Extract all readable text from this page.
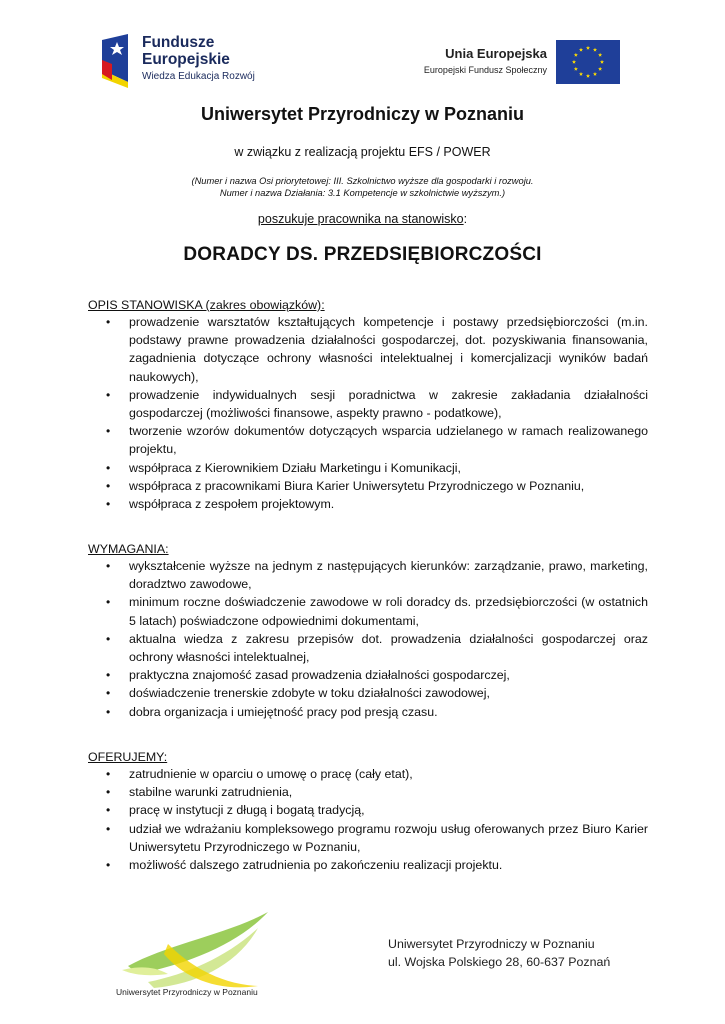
Fundusze
Europejskie
Wiedza Edukacja Rozwój
Unia Europejska
Europejski Fundusz Społeczny
Uniwersytet Przyrodniczy w Poznaniu
w związku z realizacją projektu EFS / POWER
(Numer i nazwa Osi priorytetowej: III. Szkolnictwo wyższe dla gospodarki i rozwoju.
Numer i nazwa Działania: 3.1 Kompetencje w szkolnictwie wyższym.)
poszukuje pracownika na stanowisko:
DORADCY DS. PRZEDSIĘBIORCZOŚCI
OPIS STANOWISKA (zakres obowiązków):
• prowadzenie warsztatów kształtujących kompetencje i postawy przedsiębiorczości (m.in. podstawy prawne prowadzenia działalności gospodarczej, dot. pozyskiwania finansowania, zagadnienia dotyczące ochrony własności intelektualnej i komercjalizacji wyników badań naukowych),
• prowadzenie indywidualnych sesji poradnictwa w zakresie zakładania działalności gospodarczej (możliwości finansowe, aspekty prawno - podatkowe),
• tworzenie wzorów dokumentów dotyczących wsparcia udzielanego w ramach realizowanego projektu,
• współpraca z Kierownikiem Działu Marketingu i Komunikacji,
• współpraca z pracownikami Biura Karier Uniwersytetu Przyrodniczego w Poznaniu,
• współpraca z zespołem projektowym.
WYMAGANIA:
• wykształcenie wyższe na jednym z następujących kierunków: zarządzanie, prawo, marketing, doradztwo zawodowe,
• minimum roczne doświadczenie zawodowe w roli doradcy ds. przedsiębiorczości (w ostatnich 5 latach) poświadczone odpowiednimi dokumentami,
• aktualna wiedza z zakresu przepisów dot. prowadzenia działalności gospodarczej oraz ochrony własności intelektualnej,
• praktyczna znajomość zasad prowadzenia działalności gospodarczej,
• doświadczenie trenerskie zdobyte w toku działalności zawodowej,
• dobra organizacja i umiejętność pracy pod presją czasu.
OFERUJEMY:
• zatrudnienie w oparciu o umowę o pracę (cały etat),
• stabilne warunki zatrudnienia,
• pracę w instytucji z długą i bogatą tradycją,
• udział we wdrażaniu kompleksowego programu rozwoju usług oferowanych przez Biuro Karier Uniwersytetu Przyrodniczego w Poznaniu,
• możliwość dalszego zatrudnienia po zakończeniu realizacji projektu.
Uniwersytet Przyrodniczy w Poznaniu
Uniwersytet Przyrodniczy w Poznaniu
ul. Wojska Polskiego 28, 60-637 Poznań
